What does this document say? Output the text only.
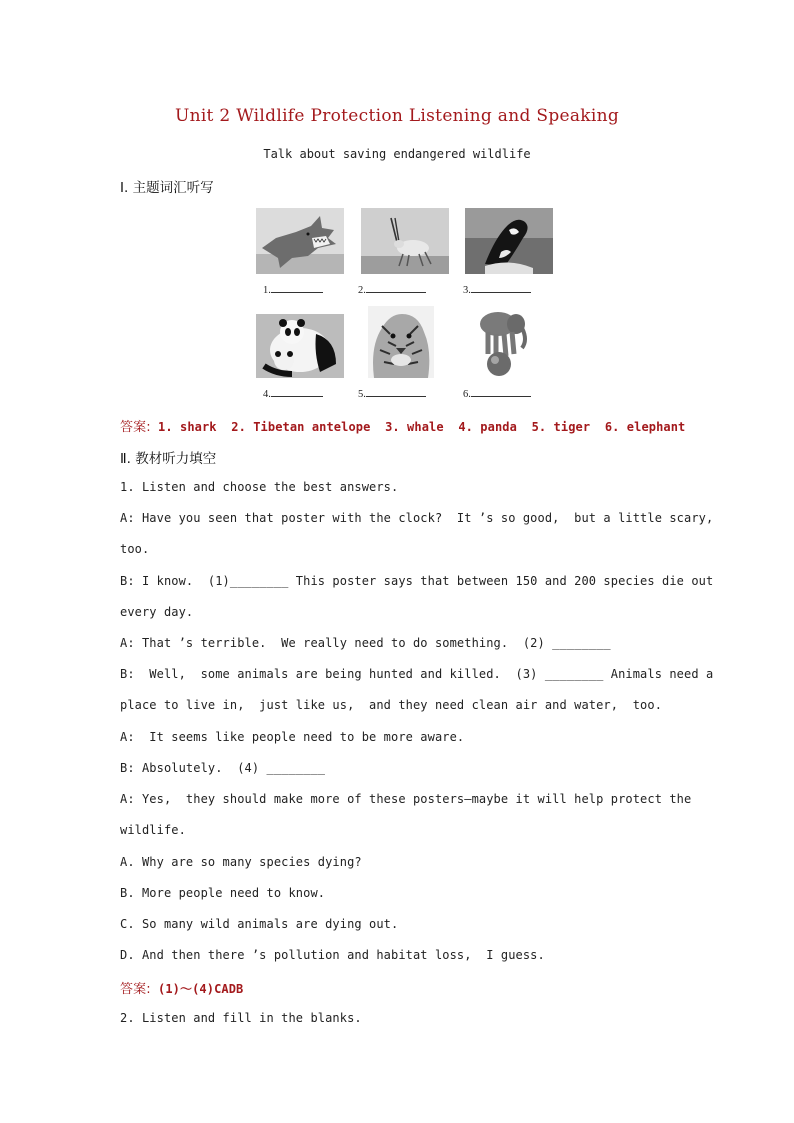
Unit 2 Wildlife Protection Listening and Speaking
Talk about saving endangered wildlife
Ⅰ. 主题词汇听写
1.	2.	3.
4.	5.	6.
答案: 1. shark  2. Tibetan antelope  3. whale  4. panda  5. tiger  6. elephant
Ⅱ. 教材听力填空
1. Listen and choose the best answers.
A: Have you seen that poster with the clock?  It ’s so good,  but a little scary,
too.
B: I know.  (1)________ This poster says that between 150 and 200 species die out
every day.
A: That ’s terrible.  We really need to do something.  (2) ________
B:  Well,  some animals are being hunted and killed.  (3) ________ Animals need a
place to live in,  just like us,  and they need clean air and water,  too.
A:  It seems like people need to be more aware.
B: Absolutely.  (4) ________
A: Yes,  they should make more of these posters—maybe it will help protect the
wildlife.
A. Why are so many species dying?
B. More people need to know.
C. So many wild animals are dying out.
D. And then there ’s pollution and habitat loss,  I guess.
答案: (1)～(4)CADB
2. Listen and fill in the blanks.
